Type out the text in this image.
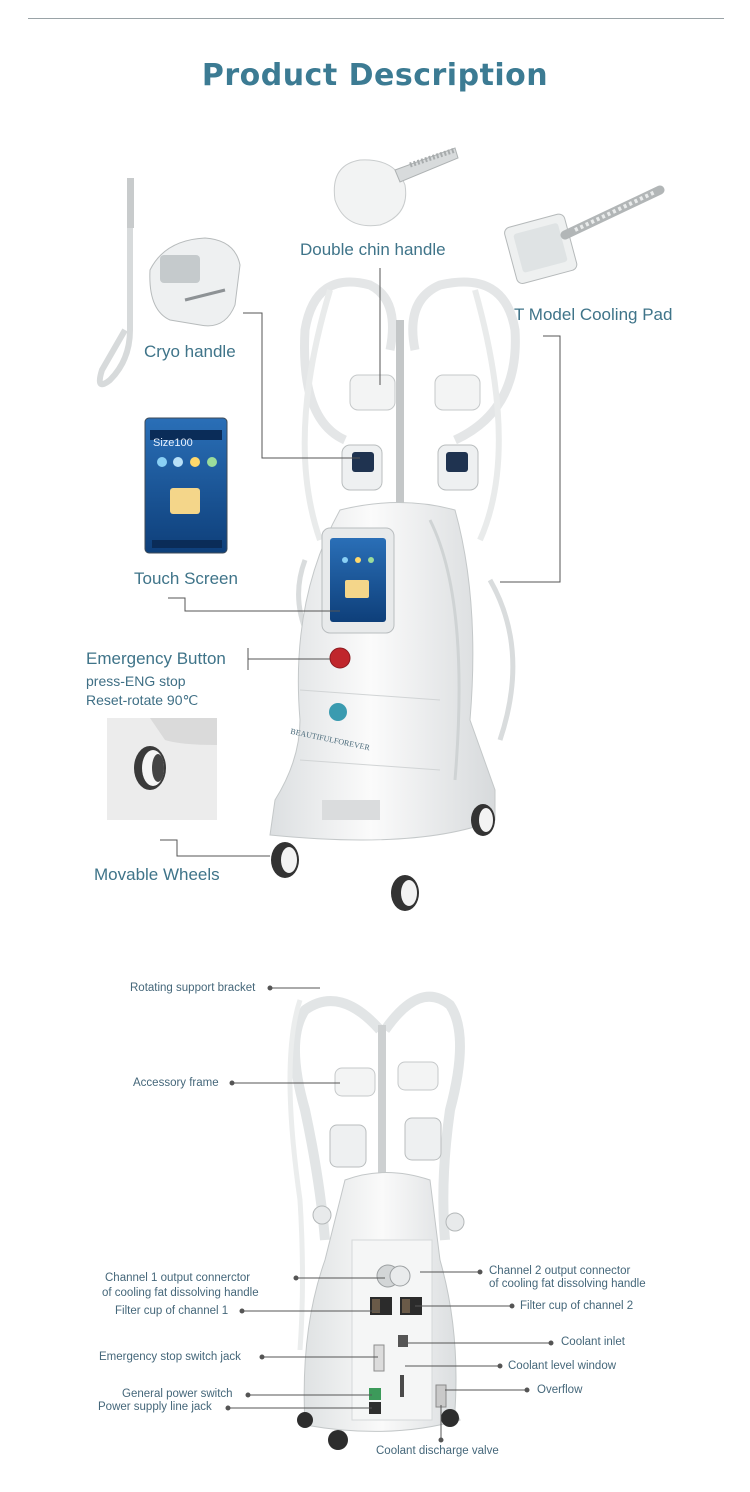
Product Description
Size100
BEAUTIFULFOREVER
Double chin handle
T Model Cooling Pad
Cryo handle
Touch Screen
Emergency Button
press-ENG stop
Reset-rotate 90℃
Movable Wheels
Rotating support bracket
Accessory frame
Channel 1 output connerctor
of cooling fat dissolving handle
Filter cup of channel 1
Emergency stop switch jack
General power switch
Power supply line jack
Channel 2 output connector
of cooling fat dissolving handle
Filter cup of channel 2
Coolant inlet
Coolant level window
Overflow
Coolant discharge valve
